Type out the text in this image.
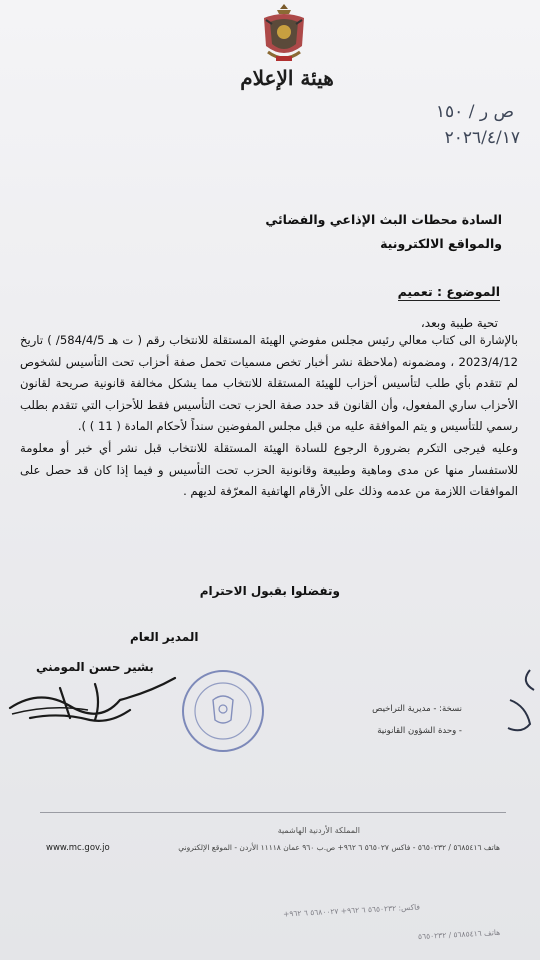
هيئة الإعلام
ص ر / ١٥٠
٢٠٢٦/٤/١٧
السادة محطات البث الإذاعي والفضائي
والمواقع الالكترونية
الموضوع : تعميم
تحية طيبة وبعد،
بالإشارة الى كتاب معالي رئيس مجلس مفوضي الهيئة المستقلة للانتخاب رقم ( ت هـ 584/4/5/ ) تاريخ 2023/4/12 ، ومضمونه (ملاحظة نشر أخبار تخص مسميات تحمل صفة أحزاب تحت التأسيس لشخوص لم تتقدم بأي طلب لتأسيس أحزاب للهيئة المستقلة للانتخاب مما يشكل مخالفة قانونية صريحة لقانون الأحزاب ساري المفعول، وأن القانون قد حدد صفة الحزب تحت التأسيس فقط للأحزاب التي تتقدم بطلب رسمي للتأسيس و يتم الموافقة عليه من قبل مجلس المفوضين سنداً لأحكام المادة ( 11 ) ).
وعليه فيرجى التكرم بضرورة الرجوع للسادة الهيئة المستقلة للانتخاب قبل نشر أي خبر أو معلومة للاستفسار منها عن مدى وماهية وطبيعة وقانونية الحزب تحت التأسيس و فيما إذا كان قد حصل على الموافقات اللازمة من عدمه وذلك على الأرقام الهاتفية المعرّفة لديهم .
وتفضلوا بقبول الاحترام
المدير العام
بشير حسن المومني
نسخة: - مديرية التراخيص
- وحدة الشؤون القانونية
المملكة الأردنية الهاشمية
هاتف ٥٦٨٥٤١٦ / ٥٦٥٠٢٣٢ - فاكس ٥٦٥٠٢٧ ٦ ٩٦٢+ ص.ب ٩٦٠ عمان ١١١١٨ الأردن - الموقع الإلكتروني
www.mc.gov.jo
فاكس: ٥٦٥٠٢٣٢ ٦ ٩٦٢+ ٥٦٨٠٠٢٧ ٦ ٩٦٢+
هاتف ٥٦٨٥٤١٦ / ٥٦٥٠٢٣٢
